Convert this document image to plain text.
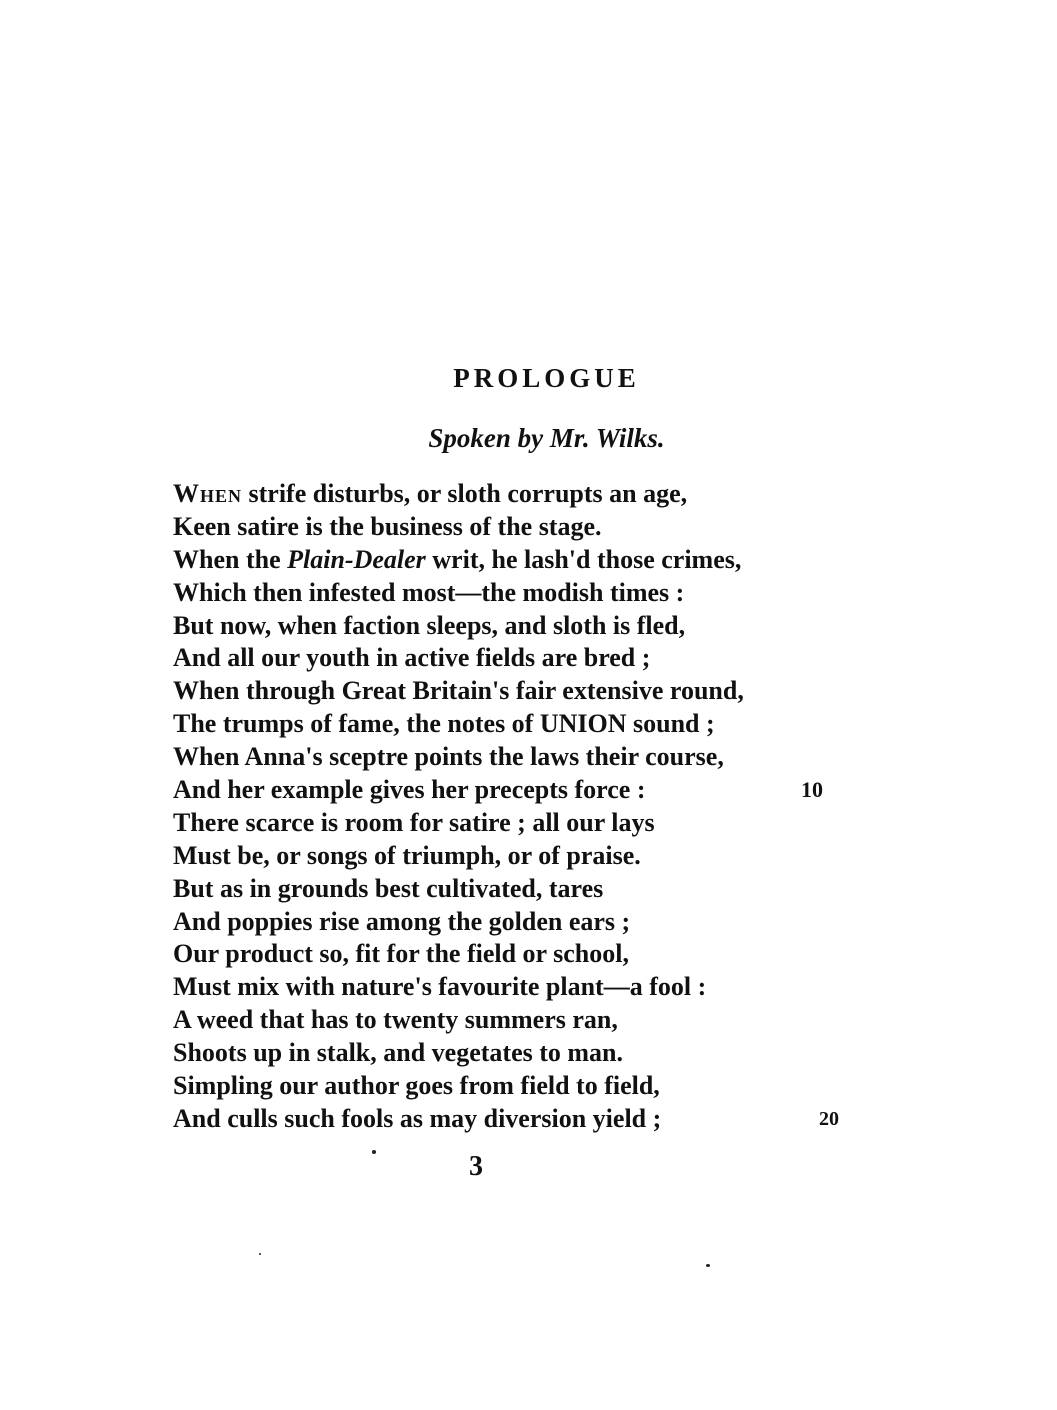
PROLOGUE
Spoken by Mr. Wilks.
When strife disturbs, or sloth corrupts an age,
Keen satire is the business of the stage.
When the Plain-Dealer writ, he lash'd those crimes,
Which then infested most—the modish times :
But now, when faction sleeps, and sloth is fled,
And all our youth in active fields are bred ;
When through Great Britain's fair extensive round,
The trumps of fame, the notes of UNION sound ;
When Anna's sceptre points the laws their course,
And her example gives her precepts force :	10
There scarce is room for satire ; all our lays
Must be, or songs of triumph, or of praise.
But as in grounds best cultivated, tares
And poppies rise among the golden ears ;
Our product so, fit for the field or school,
Must mix with nature's favourite plant—a fool :
A weed that has to twenty summers ran,
Shoots up in stalk, and vegetates to man.
Simpling our author goes from field to field,
And culls such fools as may diversion yield ;	20
3
